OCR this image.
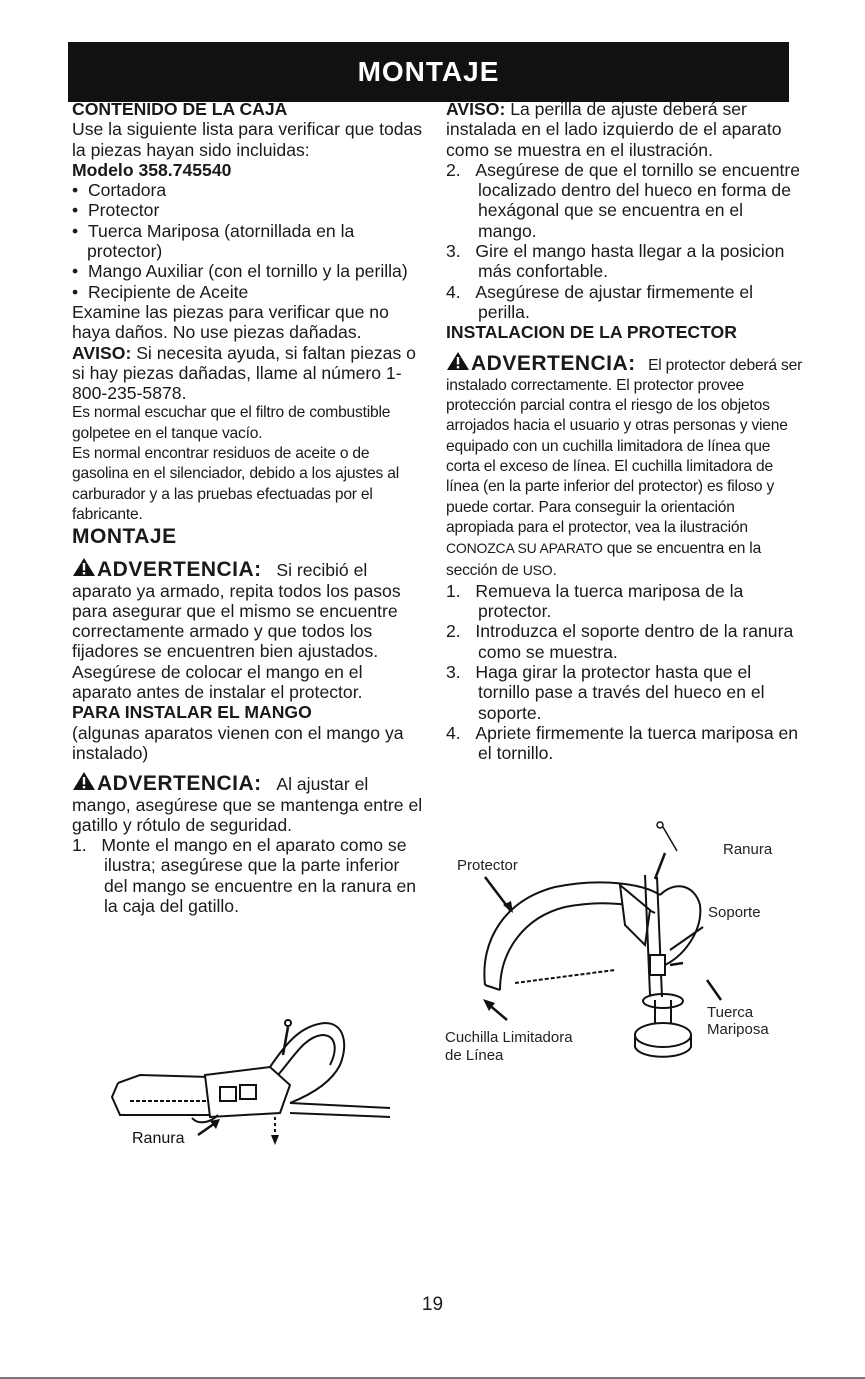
MONTAJE

CONTENIDO DE LA CAJA

Use la siguiente lista para verificar que todas la piezas hayan sido incluidas:

Modelo 358.745540

•  Cortadora

•  Protector

•  Tuerca Mariposa (atornillada en la protector)

•  Mango Auxiliar (con el tornillo y la perilla)

•  Recipiente de Aceite

Examine las piezas para verificar que no haya daños. No use piezas dañadas.

AVISO: Si necesita ayuda, si faltan piezas o si hay piezas dañadas, llame al número 1-800-235-5878.

Es normal escuchar que el filtro de combustible golpetee en el tanque vacío.

Es normal encontrar residuos de aceite o de gasolina en el silenciador, debido a los ajustes al carburador y a las pruebas efectuadas por el fabricante.

MONTAJE

ADVERTENCIA: Si recibió el aparato ya armado, repita todos los pasos para asegurar que el mismo se encuentre correctamente armado y que todos los fijadores se encuentren bien ajustados.

Asegúrese de colocar el mango en el aparato antes de instalar el protector.

PARA INSTALAR EL MANGO

(algunas aparatos vienen con el mango ya instalado)

ADVERTENCIA: Al ajustar el mango, asegúrese que se mantenga entre el gatillo y rótulo de seguridad.

1. Monte el mango en el aparato como se ilustra; asegúrese que la parte inferior del mango se encuentre en la ranura en la caja del gatillo.

Ranura

AVISO: La perilla de ajuste deberá ser instalada en el lado izquierdo de el aparato como se muestra en el ilustración.

2. Asegúrese de que el tornillo se encuentre localizado dentro del hueco en forma de hexágonal que se encuentra en el mango.

3. Gire el mango hasta llegar a la posicion más confortable.

4. Asegúrese de ajustar firmemente el perilla.

INSTALACION DE LA PROTECTOR

ADVERTENCIA: El protector deberá ser instalado correctamente. El protector provee protección parcial contra el riesgo de los objetos arrojados hacia el usuario y otras personas y viene equipado con un cuchilla limitadora de línea que corta el exceso de línea. El cuchilla limitadora de línea (en la parte inferior del protector) es filoso y puede cortar. Para conseguir la orientación apropiada para el protector, vea la ilustración CONOZCA SU APARATO que se encuentra en la sección de USO.

1. Remueva la tuerca mariposa de la protector.

2. Introduzca el soporte dentro de la ranura como se muestra.

3. Haga girar la protector hasta que el tornillo pase a través del hueco en el soporte.

4. Apriete firmemente la tuerca mariposa en el tornillo.

Protector
Ranura
Soporte
Tuerca
Mariposa
Cuchilla Limitadora
de Línea
19
